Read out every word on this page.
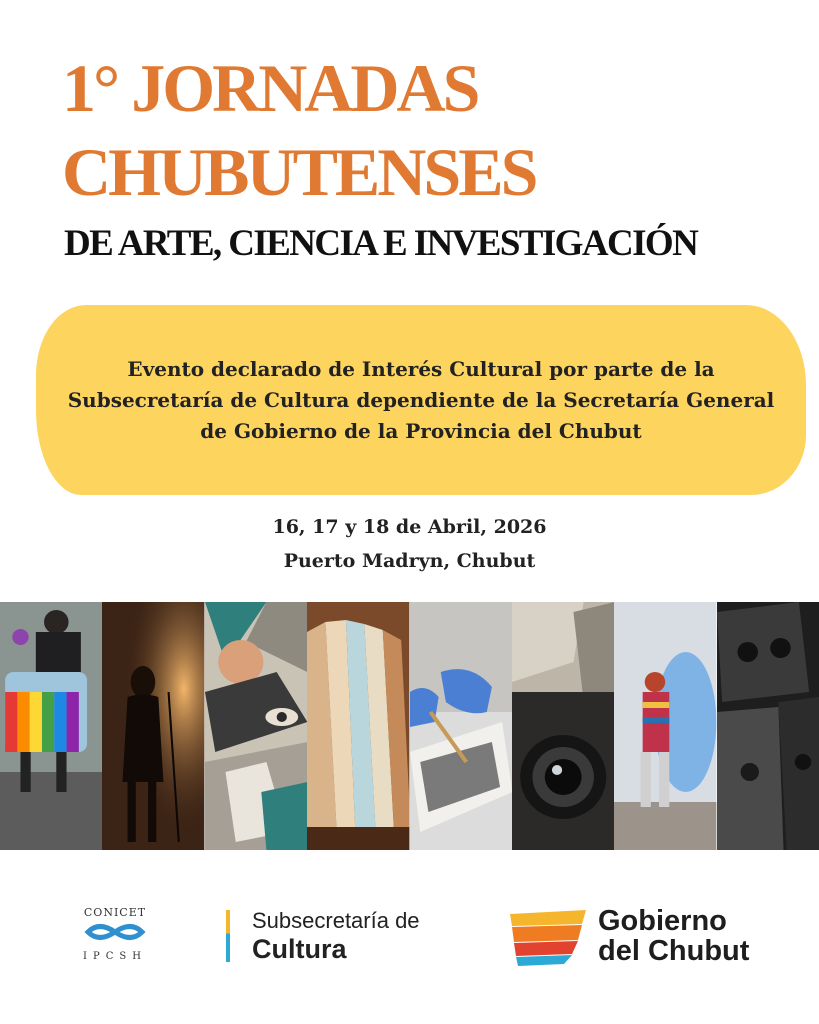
1° JORNADAS
CHUBUTENSES
DE ARTE, CIENCIA E INVESTIGACIÓN

Evento declarado de Interés Cultural por parte de la Subsecretaría de Cultura dependiente de la Secretaría General de Gobierno de la Provincia del Chubut

16, 17 y 18 de Abril, 2026

Puerto Madryn, Chubut

CONICET
IPCSH
Subsecretaría de
Cultura
Gobierno
del Chubut
